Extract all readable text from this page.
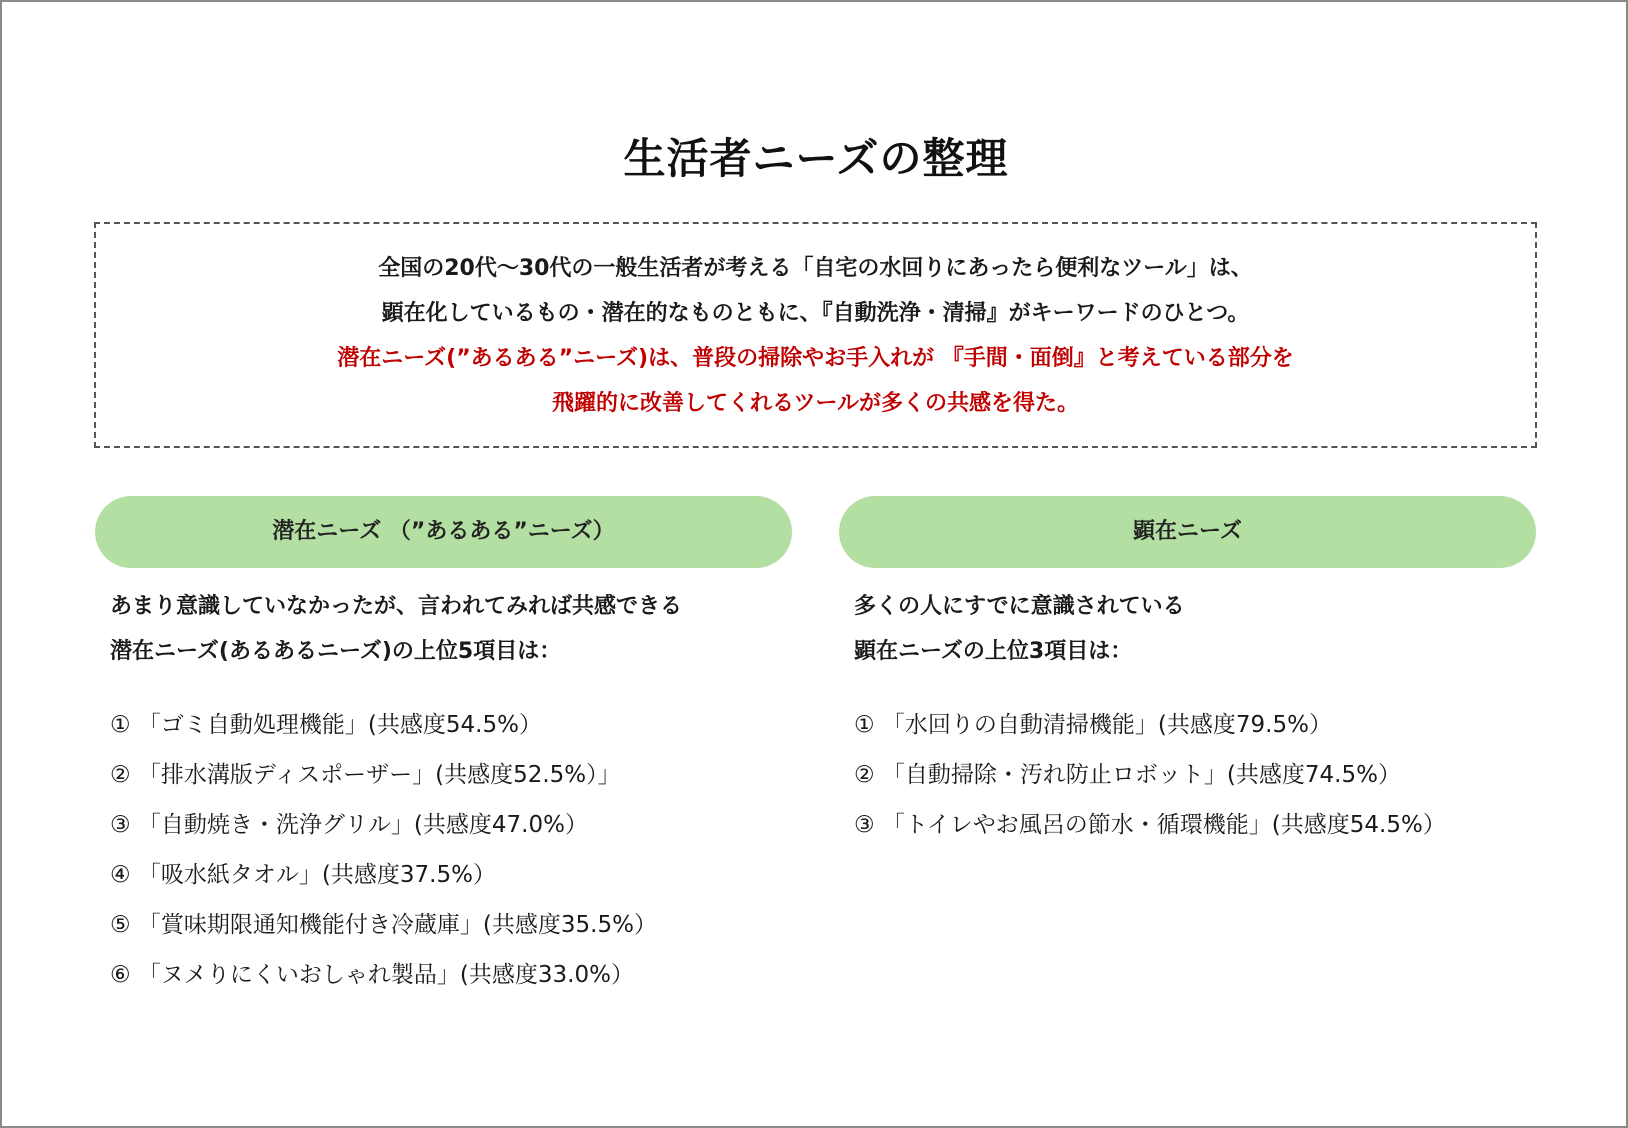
生活者ニーズの整理
全国の20代～30代の一般生活者が考える「自宅の水回りにあったら便利なツール」は、
顕在化しているもの・潜在的なものともに、『自動洗浄・清掃』がキーワードのひとつ。
潜在ニーズ(”あるある”ニーズ)は、普段の掃除やお手入れが 『手間・面倒』と考えている部分を
飛躍的に改善してくれるツールが多くの共感を得た。
潜在ニーズ （”あるある”ニーズ）
あまり意識していなかったが、言われてみれば共感できる
潜在ニーズ(あるあるニーズ)の上位5項目は：
① 「ゴミ自動処理機能」(共感度54.5%）
② 「排水溝版ディスポーザー」(共感度52.5%）」
③ 「自動焼き・洗浄グリル」(共感度47.0%）
④ 「吸水紙タオル」(共感度37.5%）
⑤ 「賞味期限通知機能付き冷蔵庫」(共感度35.5%）
⑥ 「ヌメりにくいおしゃれ製品」(共感度33.0%）
顕在ニーズ
多くの人にすでに意識されている
顕在ニーズの上位3項目は：
① 「水回りの自動清掃機能」(共感度79.5%）
② 「自動掃除・汚れ防止ロボット」(共感度74.5%）
③ 「トイレやお風呂の節水・循環機能」(共感度54.5%）
